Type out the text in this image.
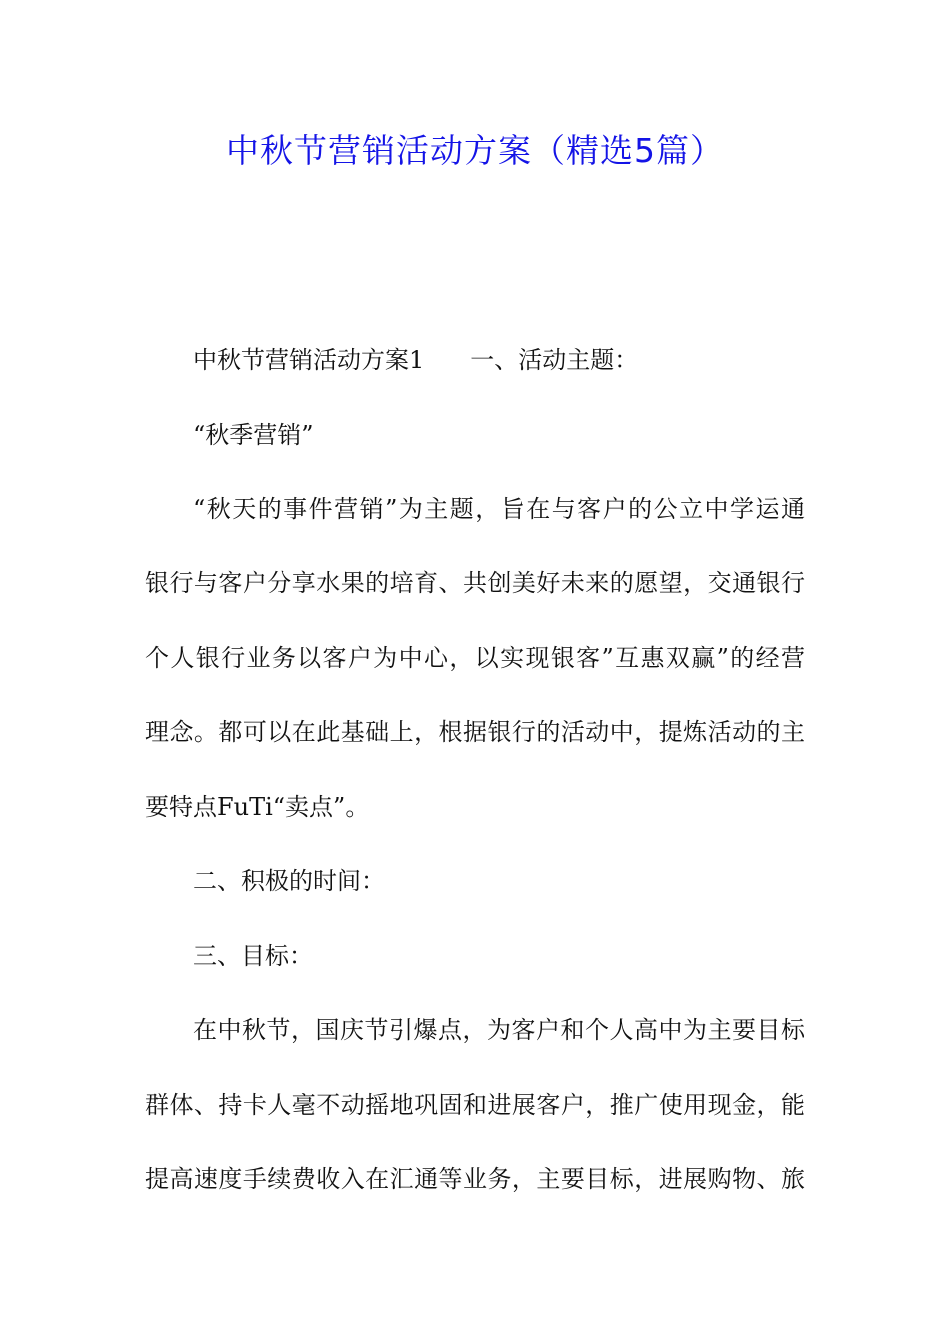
中秋节营销活动方案（精选5篇）
中秋节营销活动方案1 一、活动主题：
“秋季营销”
“秋天的事件营销”为主题，旨在与客户的公立中学运通
银行与客户分享水果的培育、共创美好未来的愿望，交通银行
个人银行业务以客户为中心，以实现银客”互惠双赢”的经营
理念。都可以在此基础上，根据银行的活动中，提炼活动的主
要特点FuTi“卖点”。
二、积极的时间：
三、目标：
在中秋节，国庆节引爆点，为客户和个人高中为主要目标
群体、持卡人毫不动摇地巩固和进展客户，推广使用现金，能
提高速度手续费收入在汇通等业务，主要目标，进展购物、旅
